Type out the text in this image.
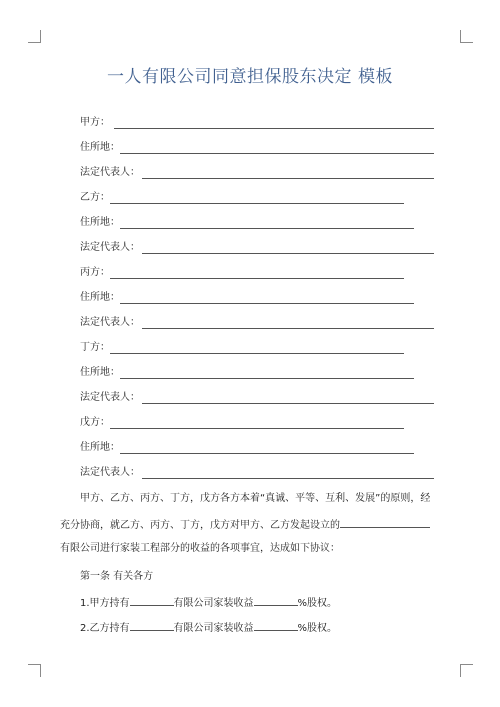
一人有限公司同意担保股东决定 模板
甲方：
住所地：
法定代表人：
乙方：
住所地：
法定代表人：
丙方：
住所地：
法定代表人：
丁方：
住所地：
法定代表人：
戊方：
住所地：
法定代表人：
甲方、乙方、丙方、丁方，戊方各方本着“真诚、平等、互利、发展”的原则，经
充分协商，就乙方、丙方、丁方，戊方对甲方、乙方发起设立的
有限公司进行家装工程部分的收益的各项事宜，达成如下协议：
第一条 有关各方
1.甲方持有	有限公司家装收益	%股权。
2.乙方持有	有限公司家装收益	%股权。
